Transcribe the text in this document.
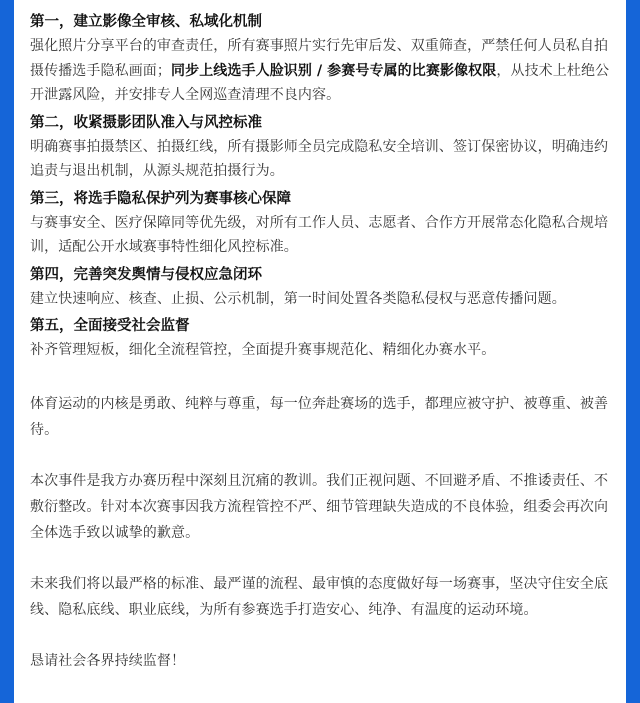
第一，建立影像全审核、私域化机制

强化照片分享平台的审查责任，所有赛事照片实行先审后发、双重筛查，严禁任何人员私自拍摄传播选手隐私画面；同步上线选手人脸识别 / 参赛号专属的比赛影像权限，从技术上杜绝公开泄露风险，并安排专人全网巡查清理不良内容。

第二，收紧摄影团队准入与风控标准

明确赛事拍摄禁区、拍摄红线，所有摄影师全员完成隐私安全培训、签订保密协议，明确违约追责与退出机制，从源头规范拍摄行为。

第三，将选手隐私保护列为赛事核心保障

与赛事安全、医疗保障同等优先级，对所有工作人员、志愿者、合作方开展常态化隐私合规培训，适配公开水域赛事特性细化风控标准。

第四，完善突发舆情与侵权应急闭环

建立快速响应、核查、止损、公示机制，第一时间处置各类隐私侵权与恶意传播问题。

第五，全面接受社会监督

补齐管理短板，细化全流程管控，全面提升赛事规范化、精细化办赛水平。

体育运动的内核是勇敢、纯粹与尊重，每一位奔赴赛场的选手，都理应被守护、被尊重、被善待。

本次事件是我方办赛历程中深刻且沉痛的教训。我们正视问题、不回避矛盾、不推诿责任、不敷衍整改。针对本次赛事因我方流程管控不严、细节管理缺失造成的不良体验，组委会再次向全体选手致以诚挚的歉意。

未来我们将以最严格的标准、最严谨的流程、最审慎的态度做好每一场赛事，坚决守住安全底线、隐私底线、职业底线，为所有参赛选手打造安心、纯净、有温度的运动环境。

恳请社会各界持续监督！
